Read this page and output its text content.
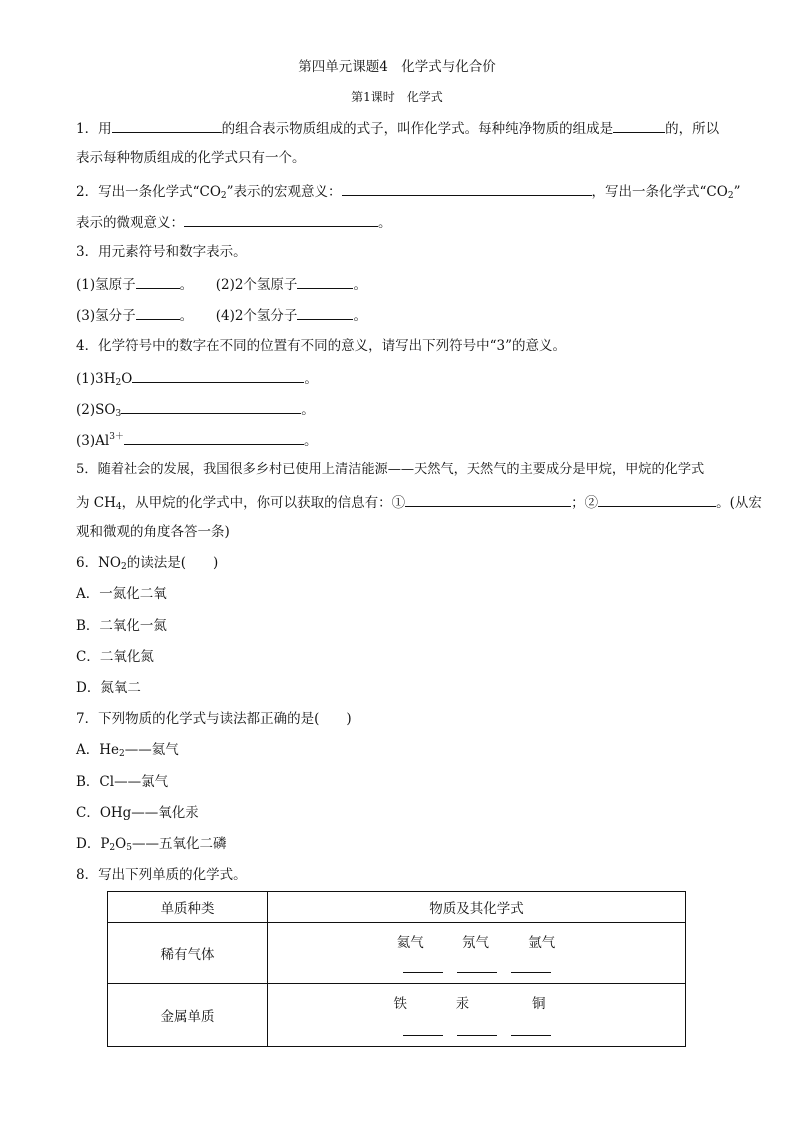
第四单元课题4　化学式与化合价
第1课时　化学式
1．用	的组合表示物质组成的式子，叫作化学式。每种纯净物质的组成是	的，所以
表示每种物质组成的化学式只有一个。
2．写出一条化学式“$CO_2$”表示的宏观意义：	，写出一条化学式“$CO_2$”
表示的微观意义：	。
3．用元素符号和数字表示。
(1)氢原子	。 (2)2个氢原子	。
(3)氢分子	。 (4)2个氢分子	。
4．化学符号中的数字在不同的位置有不同的意义，请写出下列符号中“3”的意义。
$(1)3H_2O$	。
$(2)SO_3$	。
$(3)Al^{3+}$	。
5．随着社会的发展，我国很多乡村已使用上清洁能源——天然气，天然气的主要成分是甲烷，甲烷的化学式
为 $CH_4$，从甲烷的化学式中，你可以获取的信息有：①	；②	。(从宏
观和微观的角度各答一条)
6．$NO_2$的读法是(　　)
A．一氮化二氧
B．二氧化一氮
C．二氧化氮
D．氮氧二
7．下列物质的化学式与读法都正确的是(　　)
A．$He_2——$氦气
B．Cl——氯气
C．OHg——氧化汞
D．$P_2O_5——$五氧化二磷
8．写出下列单质的化学式。
单质种类	物质及其化学式
稀有气体	氦气 氖气 氩气

金属单质	铁 汞 铜
